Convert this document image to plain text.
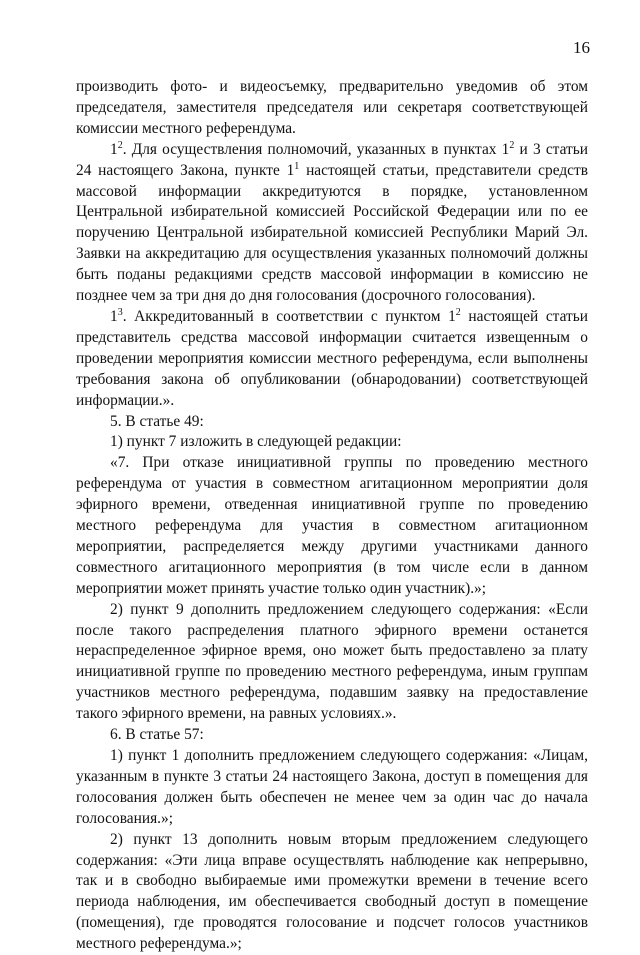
16

производить фото- и видеосъемку, предварительно уведомив об этом председателя, заместителя председателя или секретаря соответствующей комиссии местного референдума.

$1^2$. Для осуществления полномочий, указанных в пунктах $1^2$ и 3 статьи 24 настоящего Закона, пункте $1^1$ настоящей статьи, представители средств массовой информации аккредитуются в порядке, установленном Центральной избирательной комиссией Российской Федерации или по ее поручению Центральной избирательной комиссией Республики Марий Эл. Заявки на аккредитацию для осуществления указанных полномочий должны быть поданы редакциями средств массовой информации в комиссию не позднее чем за три дня до дня голосования (досрочного голосования).

$1^3$. Аккредитованный в соответствии с пунктом $1^2$ настоящей статьи представитель средства массовой информации считается извещенным о проведении мероприятия комиссии местного референдума, если выполнены требования закона об опубликовании (обнародовании) соответствующей информации.».

5. В статье 49:

1) пункт 7 изложить в следующей редакции:

«7. При отказе инициативной группы по проведению местного референдума от участия в совместном агитационном мероприятии доля эфирного времени, отведенная инициативной группе по проведению местного референдума для участия в совместном агитационном мероприятии, распределяется между другими участниками данного совместного агитационного мероприятия (в том числе если в данном мероприятии может принять участие только один участник).»;

2) пункт 9 дополнить предложением следующего содержания: «Если после такого распределения платного эфирного времени останется нераспределенное эфирное время, оно может быть предоставлено за плату инициативной группе по проведению местного референдума, иным группам участников местного референдума, подавшим заявку на предоставление такого эфирного времени, на равных условиях.».

6. В статье 57:

1) пункт 1 дополнить предложением следующего содержания: «Лицам, указанным в пункте 3 статьи 24 настоящего Закона, доступ в помещения для голосования должен быть обеспечен не менее чем за один час до начала голосования.»;

2) пункт 13 дополнить новым вторым предложением следующего содержания: «Эти лица вправе осуществлять наблюдение как непрерывно, так и в свободно выбираемые ими промежутки времени в течение всего периода наблюдения, им обеспечивается свободный доступ в помещение (помещения), где проводятся голосование и подсчет голосов участников местного референдума.»;
